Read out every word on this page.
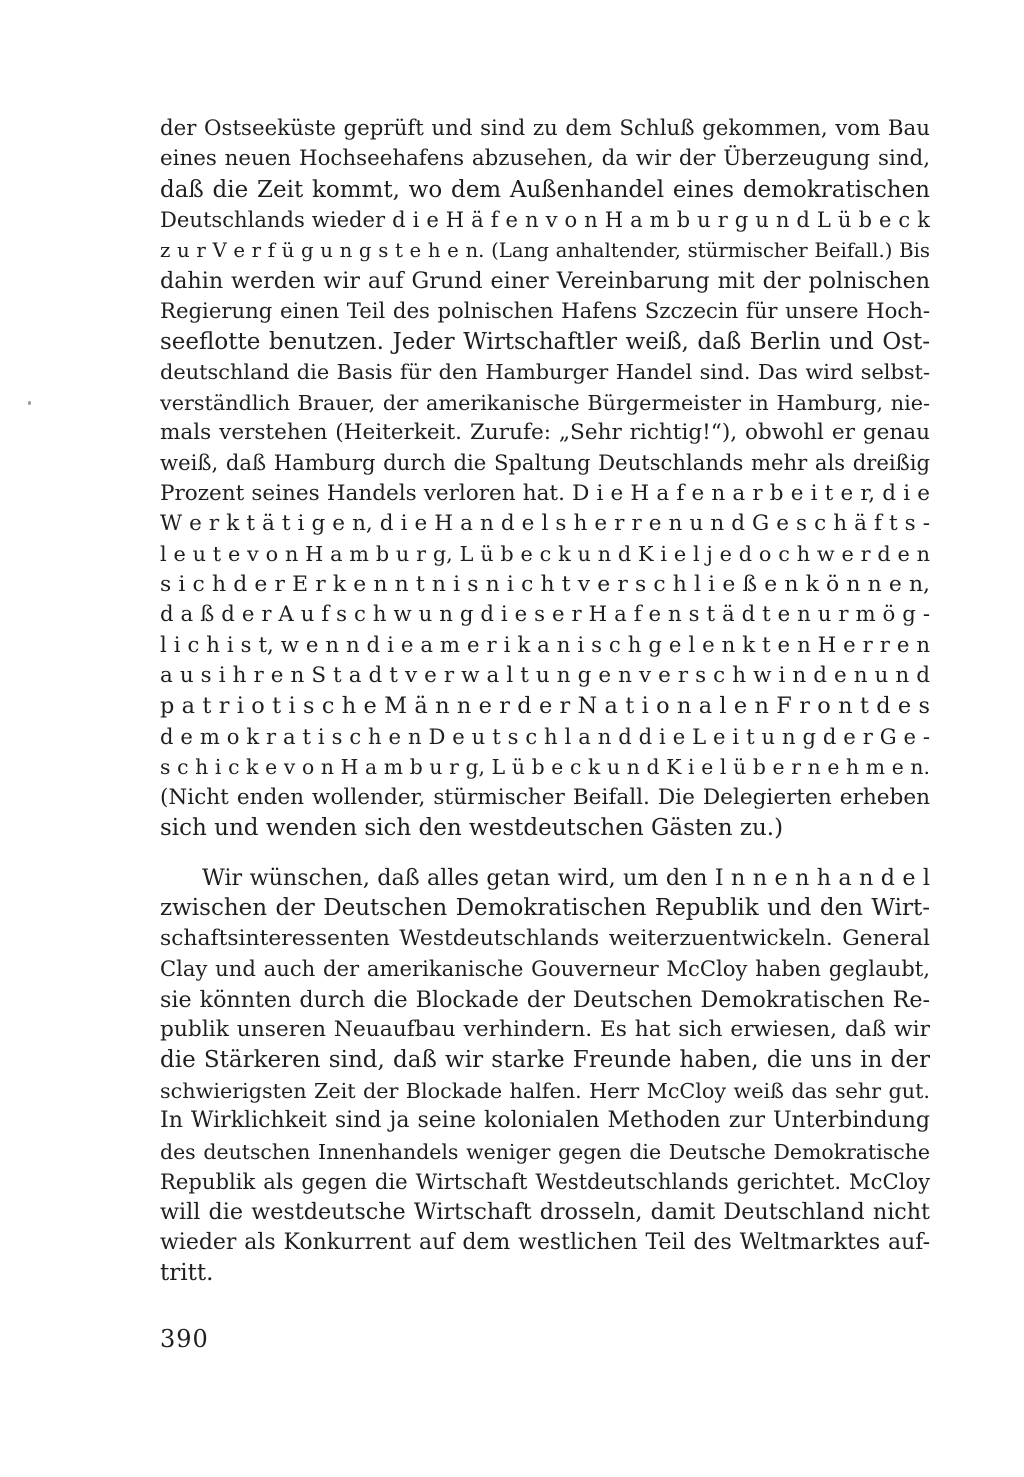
der Ostseeküste geprüft und sind zu dem Schluß gekommen, vom Bau
eines neuen Hochseehafens abzusehen, da wir der Überzeugung sind,
daß die Zeit kommt, wo dem Außenhandel eines demokratischen
Deutschlands wieder d i e H ä f e n v o n H a m b u r g u n d L ü b e c k
z u r V e r f ü g u n g s t e h e n. (Lang anhaltender, stürmischer Beifall.) Bis
dahin werden wir auf Grund einer Vereinbarung mit der polnischen
Regierung einen Teil des polnischen Hafens Szczecin für unsere Hoch-
seeflotte benutzen. Jeder Wirtschaftler weiß, daß Berlin und Ost-
deutschland die Basis für den Hamburger Handel sind. Das wird selbst-
verständlich Brauer, der amerikanische Bürgermeister in Hamburg, nie-
mals verstehen (Heiterkeit. Zurufe: „Sehr richtig!“), obwohl er genau
weiß, daß Hamburg durch die Spaltung Deutschlands mehr als dreißig
Prozent seines Handels verloren hat. D i e H a f e n a r b e i t e r, d i e
W e r k t ä t i g e n, d i e H a n d e l s h e r r e n u n d G e s c h ä f t s -
l e u t e v o n H a m b u r g, L ü b e c k u n d K i e l j e d o c h w e r d e n
s i c h d e r E r k e n n t n i s n i c h t v e r s c h l i e ß e n k ö n n e n,
d a ß d e r A u f s c h w u n g d i e s e r H a f e n s t ä d t e n u r m ö g -
l i c h i s t, w e n n d i e a m e r i k a n i s c h g e l e n k t e n H e r r e n
a u s i h r e n S t a d t v e r w a l t u n g e n v e r s c h w i n d e n u n d
p a t r i o t i s c h e M ä n n e r d e r N a t i o n a l e n F r o n t d e s
d e m o k r a t i s c h e n D e u t s c h l a n d d i e L e i t u n g d e r G e -
s c h i c k e v o n H a m b u r g, L ü b e c k u n d K i e l ü b e r n e h m e n.
(Nicht enden wollender, stürmischer Beifall. Die Delegierten erheben
sich und wenden sich den westdeutschen Gästen zu.)
Wir wünschen, daß alles getan wird, um den I n n e n h a n d e l
zwischen der Deutschen Demokratischen Republik und den Wirt-
schaftsinteressenten Westdeutschlands weiterzuentwickeln. General
Clay und auch der amerikanische Gouverneur McCloy haben geglaubt,
sie könnten durch die Blockade der Deutschen Demokratischen Re-
publik unseren Neuaufbau verhindern. Es hat sich erwiesen, daß wir
die Stärkeren sind, daß wir starke Freunde haben, die uns in der
schwierigsten Zeit der Blockade halfen. Herr McCloy weiß das sehr gut.
In Wirklichkeit sind ja seine kolonialen Methoden zur Unterbindung
des deutschen Innenhandels weniger gegen die Deutsche Demokratische
Republik als gegen die Wirtschaft Westdeutschlands gerichtet. McCloy
will die westdeutsche Wirtschaft drosseln, damit Deutschland nicht
wieder als Konkurrent auf dem westlichen Teil des Weltmarktes auf-
tritt.
390
